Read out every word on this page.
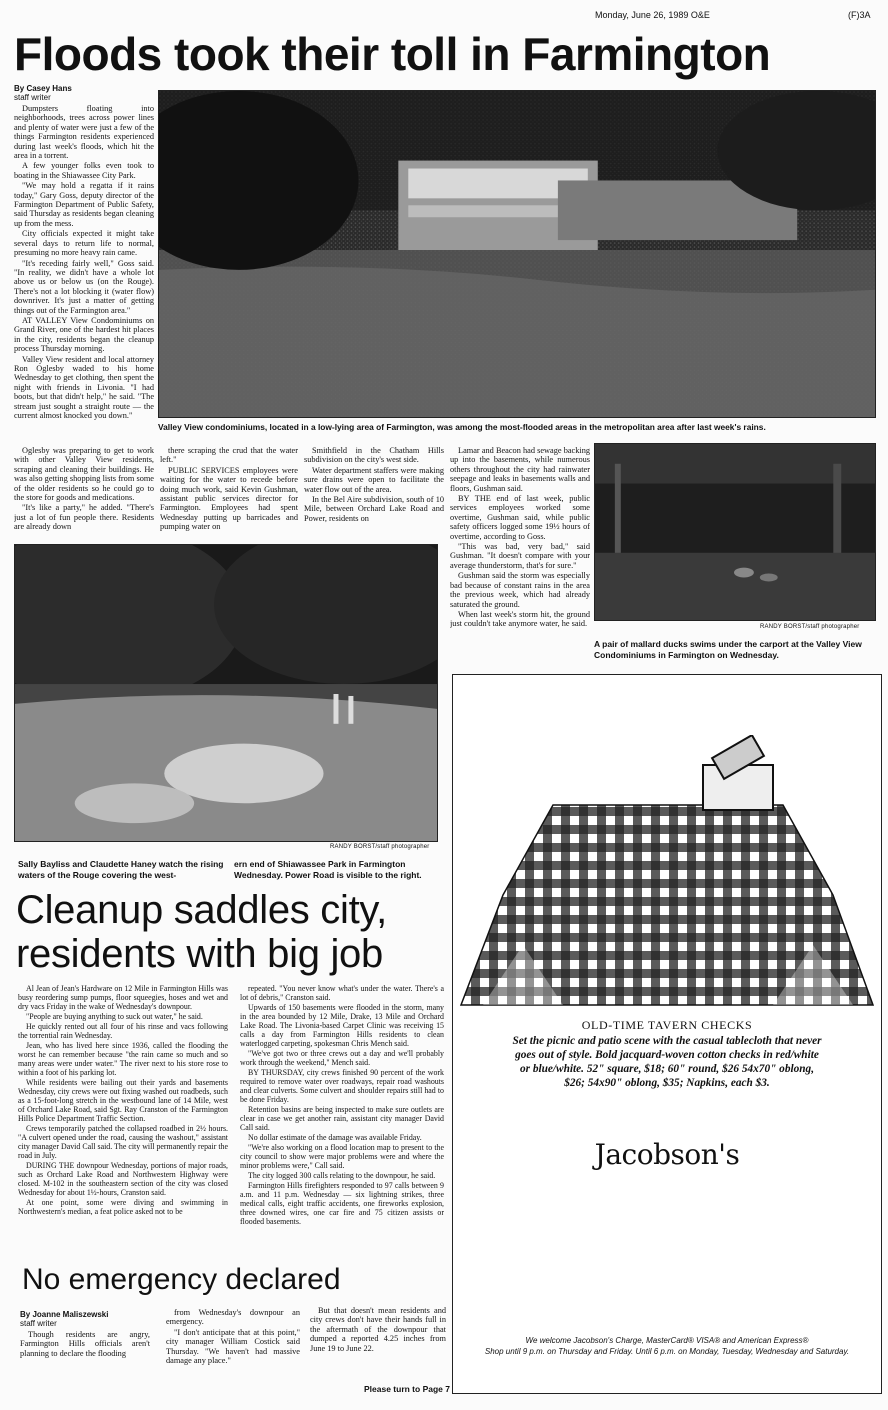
Monday, June 26, 1989 O&E	(F)3A
Floods took their toll in Farmington
By Casey Hans
staff writer

Dumpsters floating into neighborhoods, trees across power lines and plenty of water were just a few of the things Farmington residents experienced during last week's floods, which hit the area in a torrent.

A few younger folks even took to boating in the Shiawassee City Park.

"We may hold a regatta if it rains today," Gary Goss, deputy director of the Farmington Department of Public Safety, said Thursday as residents began cleaning up from the mess.

City officials expected it might take several days to return life to normal, presuming no more heavy rain came.

"It's receding fairly well," Goss said. "In reality, we didn't have a whole lot above us or below us (on the Rouge). There's not a lot blocking it (water flow) downriver. It's just a matter of getting things out of the Farmington area."

AT VALLEY View Condominiums on Grand River, one of the hardest hit places in the city, residents began the cleanup process Thursday morning.

Valley View resident and local attorney Ron Oglesby waded to his home Wednesday to get clothing, then spent the night with friends in Livonia. "I had boots, but that didn't help," he said. "The stream just sought a straight route — the current almost knocked you down."

Valley View condominiums, located in a low-lying area of Farmington, was among the most-flooded areas in the metropolitan area after last week's rains.

Oglesby was preparing to get to work with other Valley View residents, scraping and cleaning their buildings. He was also getting shopping lists from some of the older residents so he could go to the store for goods and medications.

"It's like a party," he added. "There's just a lot of fun people there. Residents are already down

there scraping the crud that the water left."

PUBLIC SERVICES employees were waiting for the water to recede before doing much work, said Kevin Gushman, assistant public services director for Farmington. Employees had spent Wednesday putting up barricades and pumping water on

Smithfield in the Chatham Hills subdivision on the city's west side.

Water department staffers were making sure drains were open to facilitate the water flow out of the area.

In the Bel Aire subdivision, south of 10 Mile, between Orchard Lake Road and Power, residents on

Lamar and Beacon had sewage backing up into the basements, while numerous others throughout the city had rainwater seepage and leaks in basements walls and floors, Gushman said.

BY THE end of last week, public services employees worked some overtime, Gushman said, while public safety officers logged some 19½ hours of overtime, according to Goss.

"This was bad, very bad," said Gushman. "It doesn't compare with your average thunderstorm, that's for sure."

Gushman said the storm was especially bad because of constant rains in the area the previous week, which had already saturated the ground.

When last week's storm hit, the ground just couldn't take anymore water, he said.	RANDY BORST/staff photographer
A pair of mallard ducks swims under the carport at the Valley View Condominiums in Farmington on Wednesday.
RANDY BORST/staff photographer
Sally Bayliss and Claudette Haney watch the rising waters of the Rouge covering the west-
ern end of Shiawassee Park in Farmington Wednesday. Power Road is visible to the right.
Cleanup saddles city, residents with big job

Al Jean of Jean's Hardware on 12 Mile in Farmington Hills was busy reordering sump pumps, floor squeegies, hoses and wet and dry vacs Friday in the wake of Wednesday's downpour.

"People are buying anything to suck out water," he said.

He quickly rented out all four of his rinse and vacs following the torrential rain Wednesday.

Jean, who has lived here since 1936, called the flooding the worst he can remember because "the rain came so much and so many areas were under water." The river next to his store rose to within a foot of his parking lot.

While residents were bailing out their yards and basements Wednesday, city crews were out fixing washed out roadbeds, such as a 15-foot-long stretch in the westbound lane of 14 Mile, west of Orchard Lake Road, said Sgt. Ray Cranston of the Farmington Hills Police Department Traffic Section.

Crews temporarily patched the collapsed roadbed in 2½ hours. "A culvert opened under the road, causing the washout," assistant city manager David Call said. The city will permanently repair the road in July.

DURING THE downpour Wednesday, portions of major roads, such as Orchard Lake Road and Northwestern Highway were closed. M-102 in the southeastern section of the city was closed Wednesday for about 1½-hours, Cranston said.

At one point, some were diving and swimming in Northwestern's median, a feat police asked not to be

repeated. "You never know what's under the water. There's a lot of debris," Cranston said.

Upwards of 150 basements were flooded in the storm, many in the area bounded by 12 Mile, Drake, 13 Mile and Orchard Lake Road. The Livonia-based Carpet Clinic was receiving 15 calls a day from Farmington Hills residents to clean waterlogged carpeting, spokesman Chris Mench said.

"We've got two or three crews out a day and we'll probably work through the weekend," Mench said.

BY THURSDAY, city crews finished 90 percent of the work required to remove water over roadways, repair road washouts and clear culverts. Some culvert and shoulder repairs still had to be done Friday.

Retention basins are being inspected to make sure outlets are clear in case we get another rain, assistant city manager David Call said.

No dollar estimate of the damage was available Friday.

"We're also working on a flood location map to present to the city council to show were major problems were and where the minor problems were," Call said.

The city logged 300 calls relating to the downpour, he said.

Farmington Hills firefighters responded to 97 calls between 9 a.m. and 11 p.m. Wednesday — six lightning strikes, three medical calls, eight traffic accidents, one fireworks explosion, three downed wires, one car fire and 75 citizen assists or flooded basements.

No emergency declared
By Joanne Maliszewski
staff writer

Though residents are angry, Farmington Hills officials aren't planning to declare the flooding

from Wednesday's downpour an emergency.

"I don't anticipate that at this point," city manager William Costick said Thursday. "We haven't had massive damage any place."

But that doesn't mean residents and city crews don't have their hands full in the aftermath of the downpour that dumped a reported 4.25 inches from June 19 to June 22.

Please turn to Page 7
OLD-TIME TAVERN CHECKS
Set the picnic and patio scene with the casual tablecloth that never goes out of style. Bold jacquard-woven cotton checks in red/white or blue/white. 52" square, $18; 60" round, $26 54x70" oblong, $26; 54x90" oblong, $35; Napkins, each $3.
Jacobson's
We welcome Jacobson's Charge, MasterCard® VISA® and American Express®
Shop until 9 p.m. on Thursday and Friday. Until 6 p.m. on Monday, Tuesday, Wednesday and Saturday.
